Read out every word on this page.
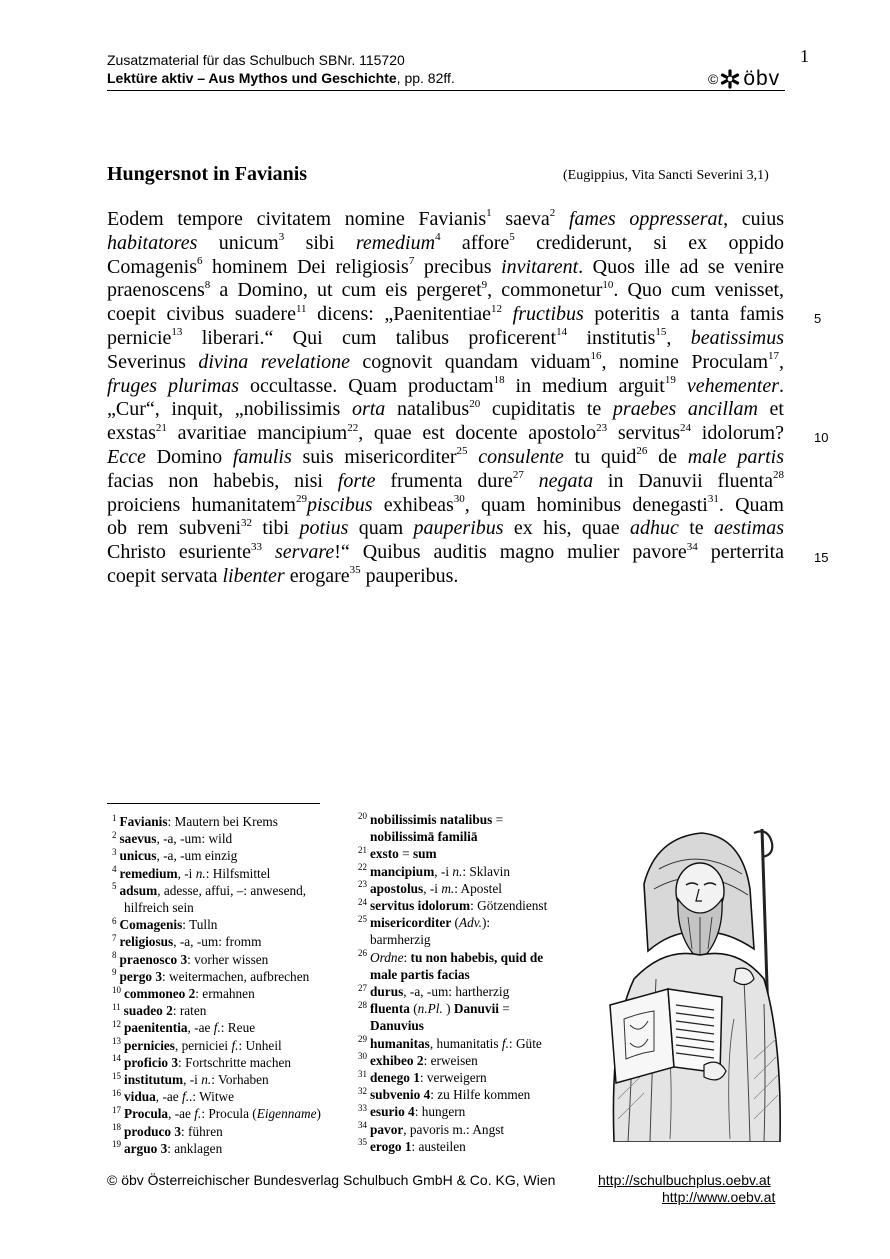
1
Zusatzmaterial für das Schulbuch SBNr. 115720
Lektüre aktiv – Aus Mythos und Geschichte, pp. 82ff.	© öbv
Hungersnot in Favianis	(Eugippius, Vita Sancti Severini 3,1)
Eodem tempore civitatem nomine Favianis$^1$ saeva$^2$ fames oppresserat, cuius
habitatores unicum$^3$ sibi remedium$^4$ affore$^5$ crediderunt, si ex oppido
Comagenis$^6$ hominem Dei religiosis$^7$ precibus invitarent. Quos ille ad se venire
praenoscens$^8$ a Domino, ut cum eis pergeret$^9$, commonetur$^{10}$. Quo cum venisset,
coepit civibus suadere$^{11}$ dicens: „Paenitentiae$^{12}$ fructibus poteritis a tanta famis
pernicie$^{13}$ liberari.“ Qui cum talibus proficerent$^{14}$ institutis$^{15}$, beatissimus
Severinus divina revelatione cognovit quandam viduam$^{16}$, nomine Proculam$^{17}$,
fruges plurimas occultasse. Quam productam$^{18}$ in medium arguit$^{19}$ vehementer.
„Cur“, inquit, „nobilissimis orta natalibus$^{20}$ cupiditatis te praebes ancillam et
exstas$^{21}$ avaritiae mancipium$^{22}$, quae est docente apostolo$^{23}$ servitus$^{24}$ idolorum?
Ecce Domino famulis suis misericorditer$^{25}$ consulente tu quid$^{26}$ de male partis
facias non habebis, nisi forte frumenta dure$^{27}$ negata in Danuvii fluenta$^{28}$
proiciens humanitatem$^{29}$piscibus exhibeas$^{30}$, quam hominibus denegasti$^{31}$. Quam
ob rem subveni$^{32}$ tibi potius quam pauperibus ex his, quae adhuc te aestimas
Christo esuriente$^{33}$ servare!“ Quibus auditis magno mulier pavore$^{34}$ perterrita
coepit servata libenter erogare$^{35}$ pauperibus.
5
10
15
$^1$ Favianis: Mautern bei Krems
$^2$ saevus, -a, -um: wild
$^3$ unicus, -a, -um einzig
$^4$ remedium, -i n.: Hilfsmittel
$^5$ adsum, adesse, affui, –: anwesend,
hilfreich sein
$^6$ Comagenis: Tulln
$^7$ religiosus, -a, -um: fromm
$^8$ praenosco 3: vorher wissen
$^9$ pergo 3: weitermachen, aufbrechen
$^{10}$ commoneo 2: ermahnen
$^{11}$ suadeo 2: raten
$^{12}$ paenitentia, -ae f.: Reue
$^{13}$ pernicies, perniciei f.: Unheil
$^{14}$ proficio 3: Fortschritte machen
$^{15}$ institutum, -i n.: Vorhaben
$^{16}$ vidua, -ae f..: Witwe
$^{17}$ Procula, -ae f.: Procula (Eigenname)
$^{18}$ produco 3: führen
$^{19}$ arguo 3: anklagen
$^{20}$ nobilissimis natalibus =
nobilissimā familiā
$^{21}$ exsto = sum
$^{22}$ mancipium, -i n.: Sklavin
$^{23}$ apostolus, -i m.: Apostel
$^{24}$ servitus idolorum: Götzendienst
$^{25}$ misericorditer (Adv.):
barmherzig
$^{26}$ Ordne: tu non habebis, quid de
male partis facias
$^{27}$ durus, -a, -um: hartherzig
$^{28}$ fluenta (n.Pl. ) Danuvii =
Danuvius
$^{29}$ humanitas, humanitatis f.: Güte
$^{30}$ exhibeo 2: erweisen
$^{31}$ denego 1: verweigern
$^{32}$ subvenio 4: zu Hilfe kommen
$^{33}$ esurio 4: hungern
$^{34}$ pavor, pavoris m.: Angst
$^{35}$ erogo 1: austeilen
© öbv Österreichischer Bundesverlag Schulbuch GmbH & Co. KG, Wien	http://schulbuchplus.oebv.at
http://www.oebv.at
